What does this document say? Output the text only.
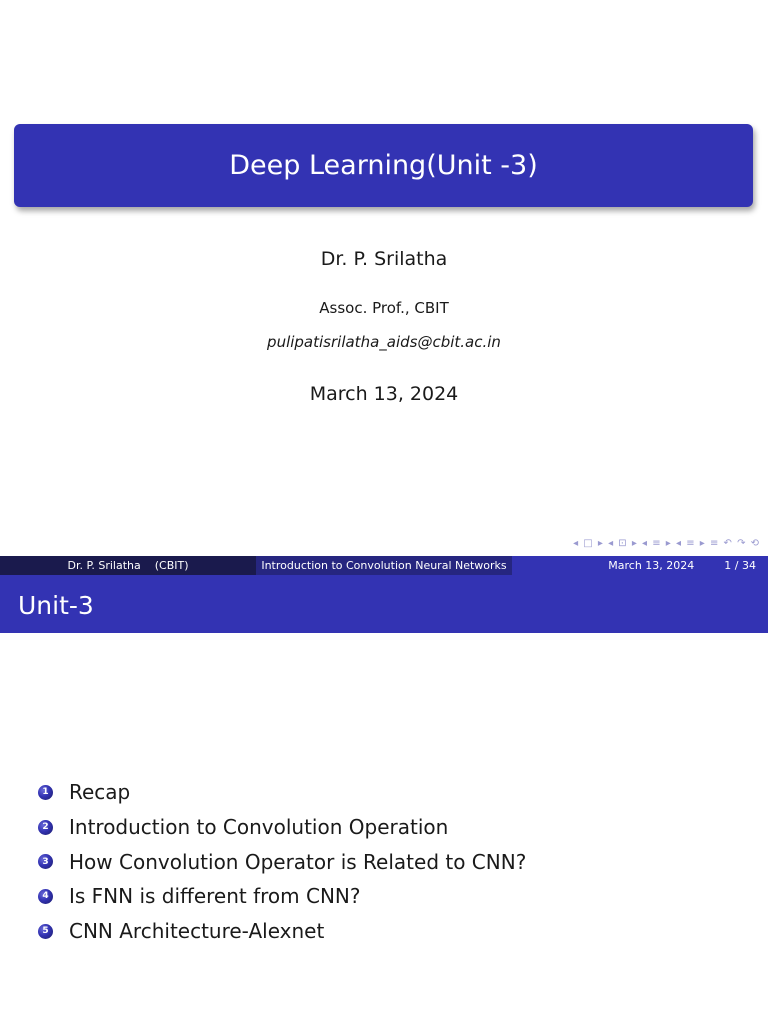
Deep Learning(Unit -3)
Dr. P. Srilatha
Assoc. Prof., CBIT
pulipatisrilatha_aids@cbit.ac.in
March 13, 2024
◂ □ ▸ ◂ ⊡ ▸ ◂ ≡ ▸ ◂ ≡ ▸ ≡ ↶ ↷ ⟲
Dr. P. Srilatha (CBIT)	Introduction to Convolution Neural Networks	March 13, 2024	1 / 34
Unit-3
1 Recap
2 Introduction to Convolution Operation
3 How Convolution Operator is Related to CNN?
4 Is FNN is different from CNN?
5 CNN Architecture-Alexnet
